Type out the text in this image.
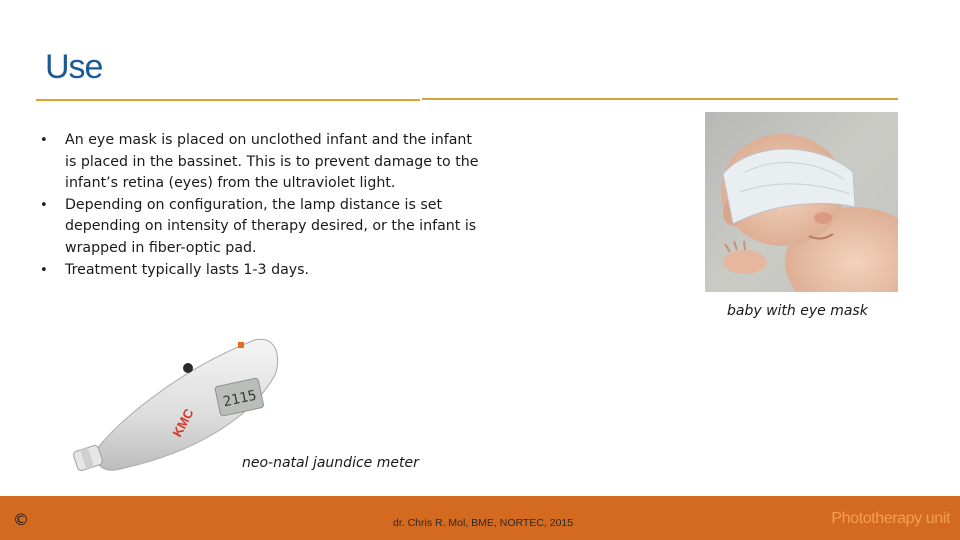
Use
• An eye mask is placed on unclothed infant and the infant is placed in the bassinet. This is to prevent damage to the infant’s retina (eyes) from the ultraviolet light.
• Depending on configuration, the lamp distance is set depending on intensity of therapy desired, or the infant is wrapped in fiber-optic pad.
• Treatment typically lasts 1-3 days.
baby with eye mask
2115
KMC
neo-natal jaundice meter
©	dr. Chris R. Mol, BME, NORTEC, 2015	Phototherapy unit
